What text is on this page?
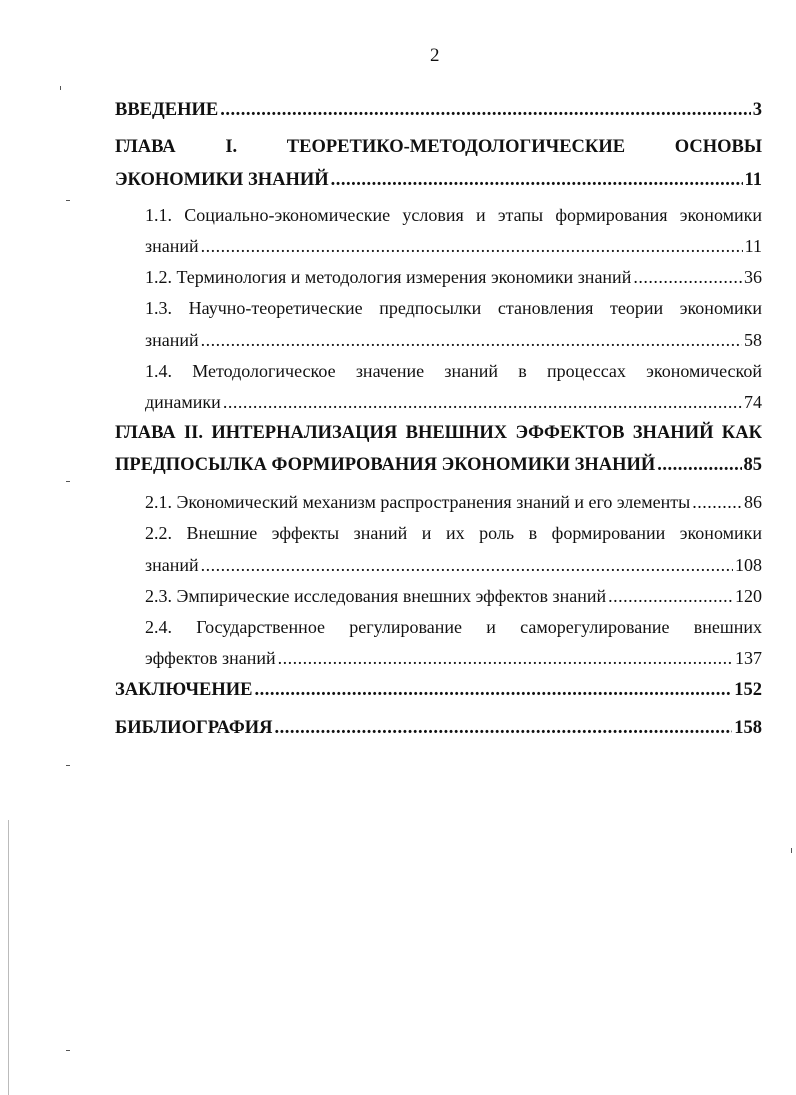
2
ВВЕДЕНИЕ .....	3
ГЛАВА I. ТЕОРЕТИКО-МЕТОДОЛОГИЧЕСКИЕ ОСНОВЫ
ЭКОНОМИКИ ЗНАНИЙ .....	11
1.1. Социально-экономические условия и этапы формирования экономики
знаний .....	11
1.2. Терминология и методология измерения экономики знаний .....	36
1.3. Научно-теоретические предпосылки становления теории экономики
знаний .....	58
1.4. Методологическое значение знаний в процессах экономической
динамики .....	74
ГЛАВА II. ИНТЕРНАЛИЗАЦИЯ ВНЕШНИХ ЭФФЕКТОВ ЗНАНИЙ КАК
ПРЕДПОСЫЛКА ФОРМИРОВАНИЯ ЭКОНОМИКИ ЗНАНИЙ .....	85
2.1. Экономический механизм распространения знаний и его элементы .....	86
2.2. Внешние эффекты знаний и их роль в формировании экономики
знаний .....	108
2.3. Эмпирические исследования внешних эффектов знаний .....	120
2.4. Государственное регулирование и саморегулирование внешних
эффектов знаний .....	137
ЗАКЛЮЧЕНИЕ .....	152
БИБЛИОГРАФИЯ .....	158
